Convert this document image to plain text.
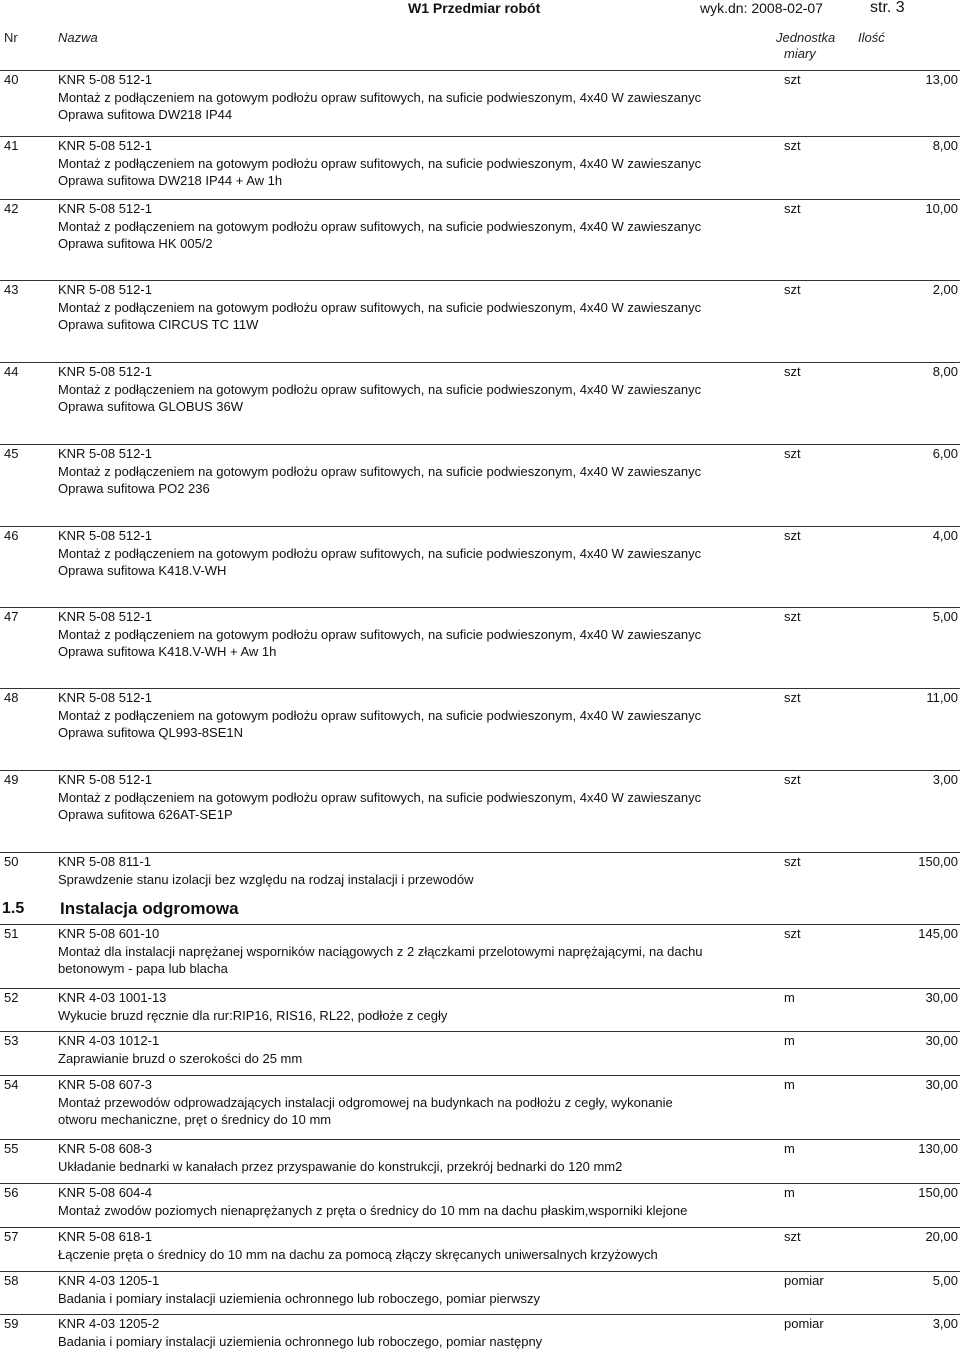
W1 Przedmiar robót	wyk.dn: 2008-02-07	str. 3
Nr	Nazwa	Jednostka
miary
Ilość
40	KNR 5-08 512-1
Montaż z podłączeniem na gotowym podłożu opraw sufitowych, na suficie podwieszonym, 4x40 W zawieszanyc
Oprawa sufitowa DW218 IP44
szt	13,00
41	KNR 5-08 512-1
Montaż z podłączeniem na gotowym podłożu opraw sufitowych, na suficie podwieszonym, 4x40 W zawieszanyc
Oprawa sufitowa DW218 IP44 + Aw 1h
szt	8,00
42	KNR 5-08 512-1
Montaż z podłączeniem na gotowym podłożu opraw sufitowych, na suficie podwieszonym, 4x40 W zawieszanyc
Oprawa sufitowa HK 005/2
szt	10,00
43	KNR 5-08 512-1
Montaż z podłączeniem na gotowym podłożu opraw sufitowych, na suficie podwieszonym, 4x40 W zawieszanyc
Oprawa sufitowa CIRCUS TC 11W
szt	2,00
44	KNR 5-08 512-1
Montaż z podłączeniem na gotowym podłożu opraw sufitowych, na suficie podwieszonym, 4x40 W zawieszanyc
Oprawa sufitowa GLOBUS 36W
szt	8,00
45	KNR 5-08 512-1
Montaż z podłączeniem na gotowym podłożu opraw sufitowych, na suficie podwieszonym, 4x40 W zawieszanyc
Oprawa sufitowa PO2 236
szt	6,00
46	KNR 5-08 512-1
Montaż z podłączeniem na gotowym podłożu opraw sufitowych, na suficie podwieszonym, 4x40 W zawieszanyc
Oprawa sufitowa K418.V-WH
szt	4,00
47	KNR 5-08 512-1
Montaż z podłączeniem na gotowym podłożu opraw sufitowych, na suficie podwieszonym, 4x40 W zawieszanyc
Oprawa sufitowa K418.V-WH + Aw 1h
szt	5,00
48	KNR 5-08 512-1
Montaż z podłączeniem na gotowym podłożu opraw sufitowych, na suficie podwieszonym, 4x40 W zawieszanyc
Oprawa sufitowa QL993-8SE1N
szt	11,00
49	KNR 5-08 512-1
Montaż z podłączeniem na gotowym podłożu opraw sufitowych, na suficie podwieszonym, 4x40 W zawieszanyc
Oprawa sufitowa 626AT-SE1P
szt	3,00
50	KNR 5-08 811-1
Sprawdzenie stanu izolacji bez względu na rodzaj instalacji i przewodów
szt	150,00
51	KNR 5-08 601-10
Montaż dla instalacji naprężanej wsporników naciągowych z 2 złączkami przelotowymi naprężającymi, na dachu
betonowym - papa lub blacha
szt	145,00
52	KNR 4-03 1001-13
Wykucie bruzd ręcznie dla rur:RIP16, RIS16, RL22, podłoże z cegły
m	30,00
53	KNR 4-03 1012-1
Zaprawianie bruzd o szerokości do 25 mm
m	30,00
54	KNR 5-08 607-3
Montaż przewodów odprowadzających instalacji odgromowej na budynkach na podłożu z cegły, wykonanie
otworu mechaniczne, pręt o średnicy do 10 mm
m	30,00
55	KNR 5-08 608-3
Układanie bednarki w kanałach przez przyspawanie do konstrukcji, przekrój bednarki do 120 mm2
m	130,00
56	KNR 5-08 604-4
Montaż zwodów poziomych nienaprężanych z pręta o średnicy do 10 mm na dachu płaskim,wsporniki klejone
m	150,00
57	KNR 5-08 618-1
Łączenie pręta o średnicy do 10 mm na dachu za pomocą złączy skręcanych uniwersalnych krzyżowych
szt	20,00
58	KNR 4-03 1205-1
Badania i pomiary instalacji uziemienia ochronnego lub roboczego, pomiar pierwszy
pomiar	5,00
59	KNR 4-03 1205-2
Badania i pomiary instalacji uziemienia ochronnego lub roboczego, pomiar następny
pomiar	3,00
1.5 Instalacja odgromowa
